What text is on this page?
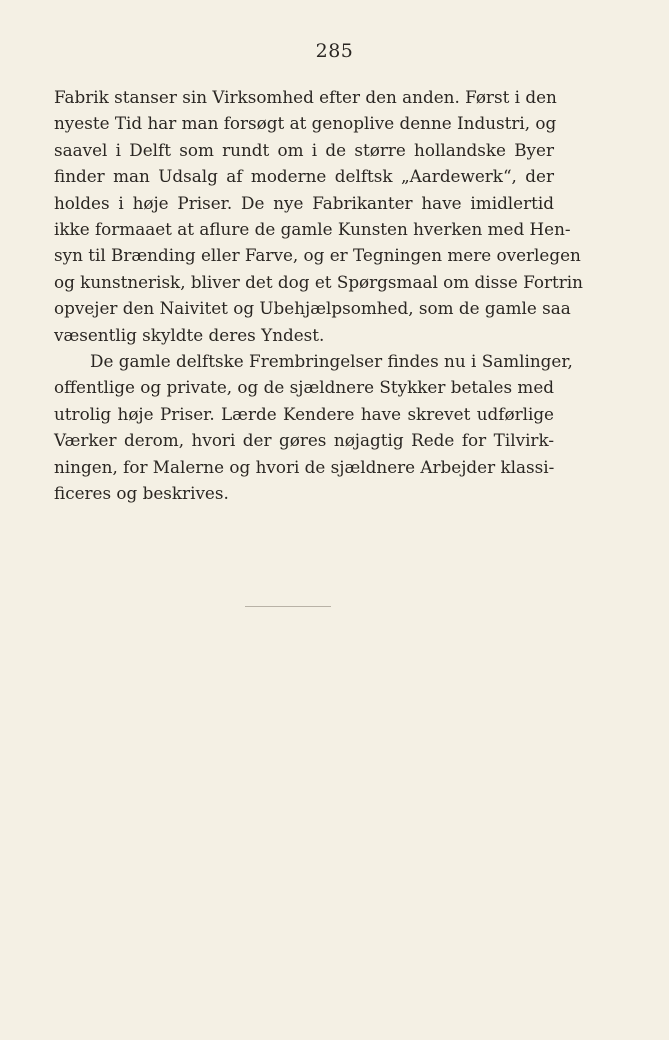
285
Fabrik stanser sin Virksomhed efter den anden. Først i den
nyeste Tid har man forsøgt at genoplive denne Industri, og
saavel i Delft som rundt om i de større hollandske Byer
finder man Udsalg af moderne delftsk „Aardewerk“, der
holdes i høje Priser. De nye Fabrikanter have imidlertid
ikke formaaet at aflure de gamle Kunsten hverken med Hen-
syn til Brænding eller Farve, og er Tegningen mere overlegen
og kunstnerisk, bliver det dog et Spørgsmaal om disse Fortrin
opvejer den Naivitet og Ubehjælpsomhed, som de gamle saa
væsentlig skyldte deres Yndest.
De gamle delftske Frembringelser findes nu i Samlinger,
offentlige og private, og de sjældnere Stykker betales med
utrolig høje Priser. Lærde Kendere have skrevet udførlige
Værker derom, hvori der gøres nøjagtig Rede for Tilvirk-
ningen, for Malerne og hvori de sjældnere Arbejder klassi-
ficeres og beskrives.
